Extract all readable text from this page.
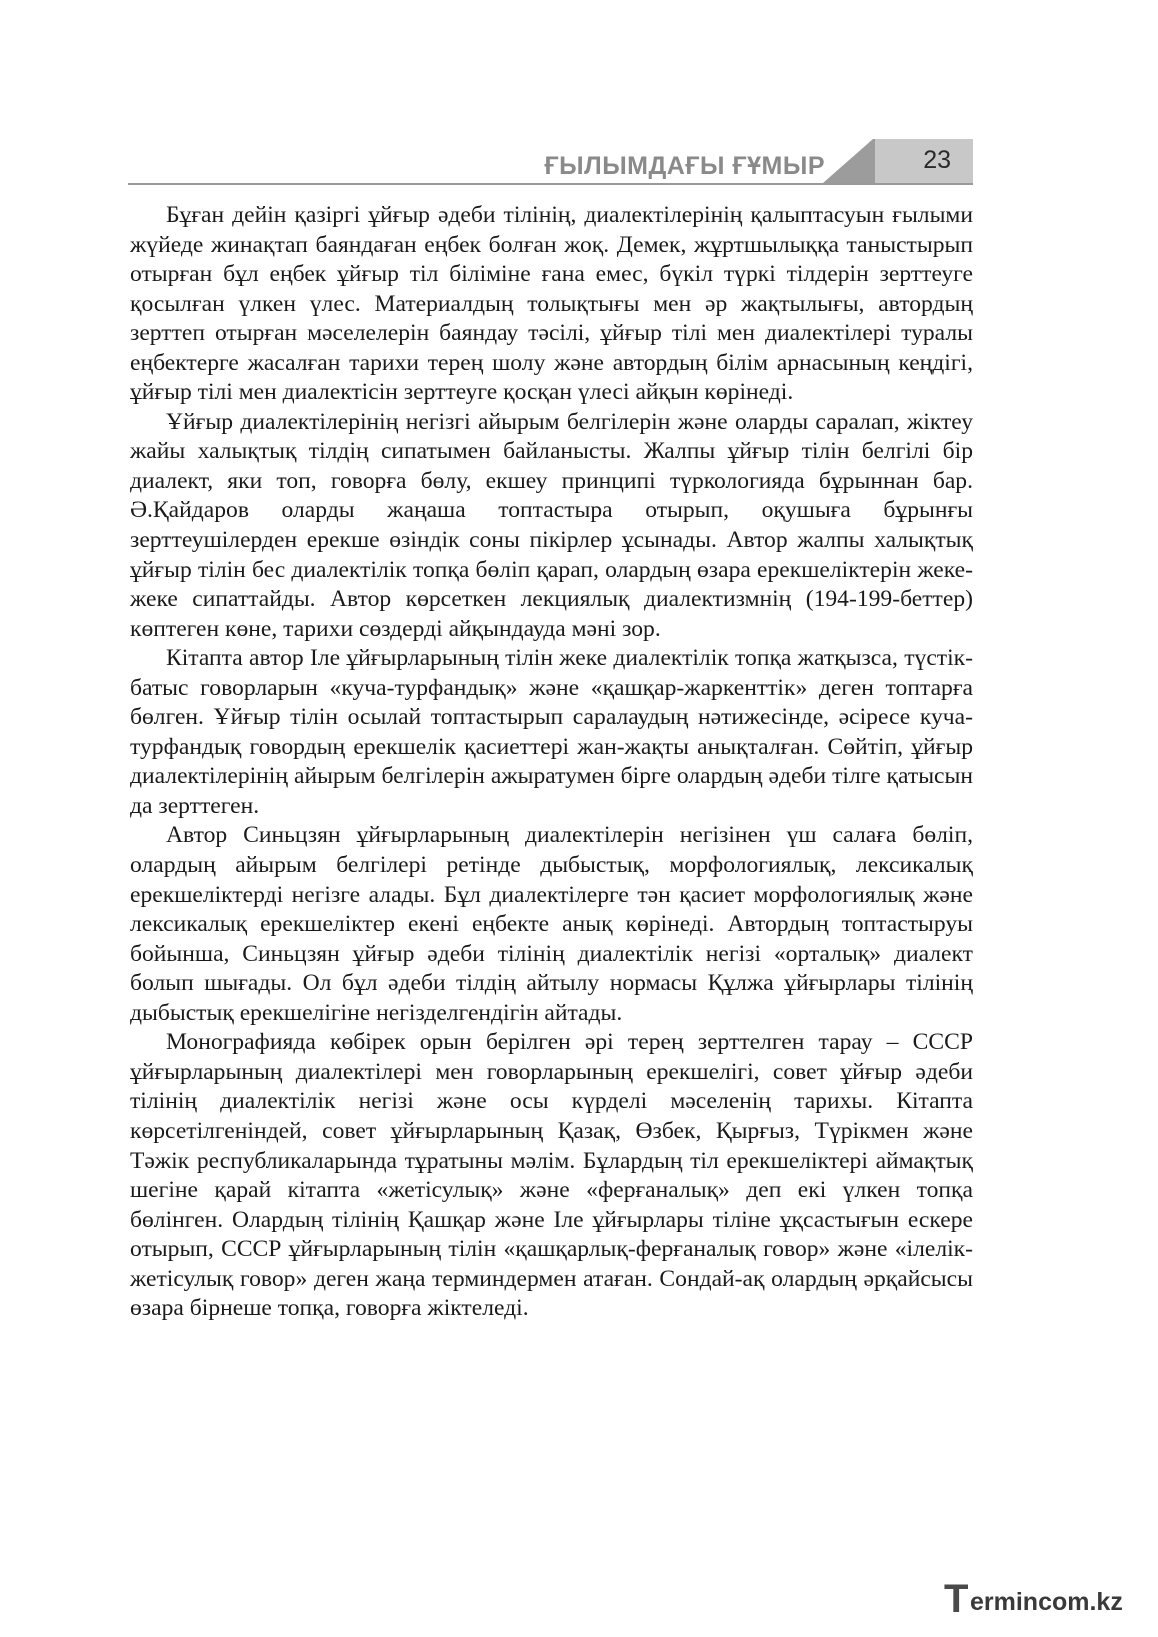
ҒЫЛЫМДАҒЫ ҒҰМЫР	23

Бұған дейін қазіргі ұйғыр әдеби тілінің, диалектілерінің қалыптасуын ғылыми жүйеде жинақтап баяндаған еңбек болған жоқ. Демек, жұртшылыққа таныстырып отырған бұл еңбек ұйғыр тіл біліміне ғана емес, бүкіл түркі тілдерін зерттеуге қосылған үлкен үлес. Материалдың толықтығы мен әр жақтылығы, автордың зерттеп отырған мәселелерін баяндау тәсілі, ұйғыр тілі мен диалектілері туралы еңбектерге жасалған тарихи терең шолу және автордың білім арнасының кеңдігі, ұйғыр тілі мен диалектісін зерттеуге қосқан үлесі айқын көрінеді.

Ұйғыр диалектілерінің негізгі айырым белгілерін және оларды саралап, жіктеу жайы халықтық тілдің сипатымен байланысты. Жалпы ұйғыр тілін белгілі бір диалект, яки топ, говорға бөлу, екшеу принципі түркологияда бұрыннан бар. Ә.Қайдаров оларды жаңаша топтастыра отырып, оқушыға бұрынғы зерттеушілерден ерекше өзіндік соны пікірлер ұсынады. Автор жалпы халықтық ұйғыр тілін бес диалектілік топқа бөліп қарап, олардың өзара ерекшеліктерін жеке-жеке сипаттайды. Автор көрсеткен лекциялық диалектизмнің (194-199-беттер) көптеген көне, тарихи сөздерді айқындауда мәні зор.

Кітапта автор Іле ұйғырларының тілін жеке диалектілік топқа жатқызса, түстік-батыс говорларын «куча-турфандық» және «қашқар-жаркенттік» деген топтарға бөлген. Ұйғыр тілін осылай топтастырып саралаудың нәтижесінде, әсіресе куча-турфандық говордың ерекшелік қасиеттері жан-жақты анықталған. Сөйтіп, ұйғыр диалектілерінің айырым белгілерін ажыратумен бірге олардың әдеби тілге қатысын да зерттеген.

Автор Синьцзян ұйғырларының диалектілерін негізінен үш салаға бөліп, олардың айырым белгілері ретінде дыбыстық, морфологиялық, лексикалық ерекшеліктерді негізге алады. Бұл диалектілерге тән қасиет морфологиялық және лексикалық ерекшеліктер екені еңбекте анық көрінеді. Автордың топтастыруы бойынша, Синьцзян ұйғыр әдеби тілінің диалектілік негізі «орталық» диалект болып шығады. Ол бұл әдеби тілдің айтылу нормасы Құлжа ұйғырлары тілінің дыбыстық ерекшелігіне негізделгендігін айтады.

Монографияда көбірек орын берілген әрі терең зерттелген тарау – СССР ұйғырларының диалектілері мен говорларының ерекшелігі, совет ұйғыр әдеби тілінің диалектілік негізі және осы күрделі мәселенің тарихы. Кітапта көрсетілгеніндей, совет ұйғырларының Қазақ, Өзбек, Қырғыз, Түрікмен және Тәжік республикаларында тұратыны мәлім. Бұлардың тіл ерекшеліктері аймақтық шегіне қарай кітапта «жетісулық» және «ферғаналық» деп екі үлкен топқа бөлінген. Олардың тілінің Қашқар және Іле ұйғырлары тіліне ұқсастығын ескере отырып, СССР ұйғырларының тілін «қашқарлық-ферғаналық говор» және «ілелік-жетісулық говор» деген жаңа терминдермен атаған. Сондай-ақ олардың әрқайсысы өзара бірнеше топқа, говорға жіктеледі.

T ermincom.kz
